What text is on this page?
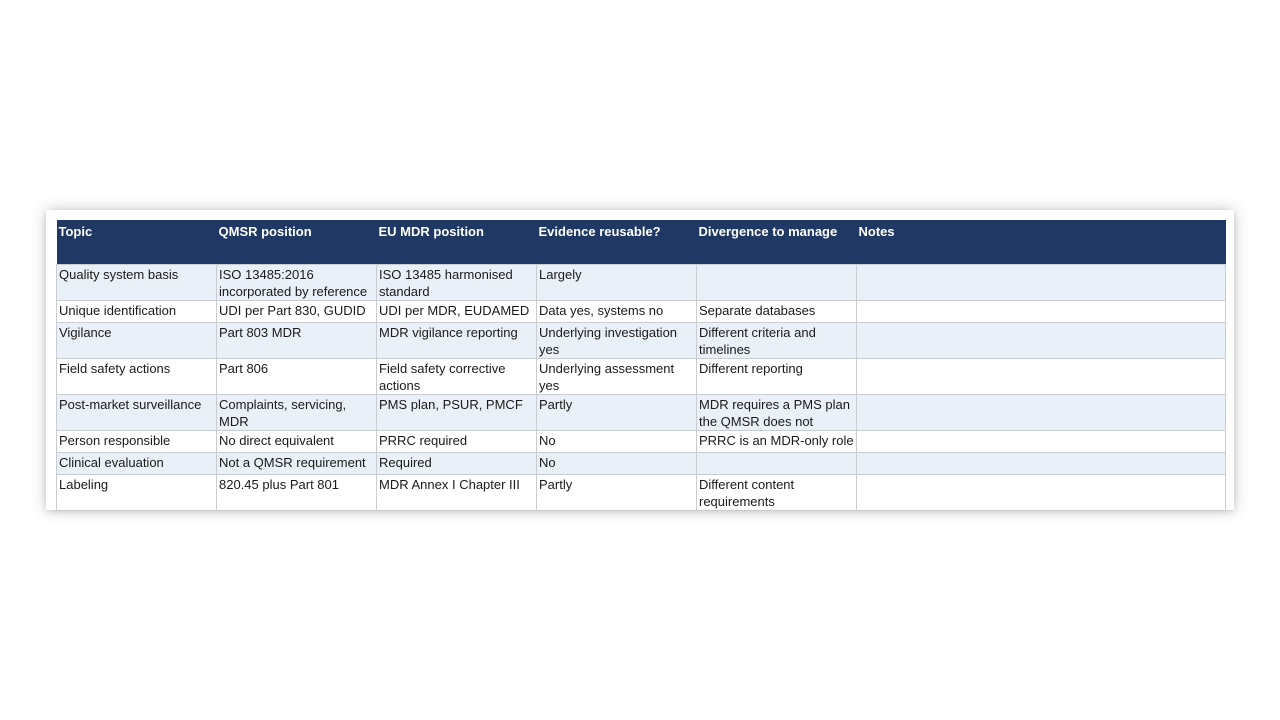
Topic	QMSR position	EU MDR position	Evidence reusable?	Divergence to manage	Notes
Quality system basis	ISO 13485:2016 incorporated by reference	ISO 13485 harmonised standard	Largely		
Unique identification	UDI per Part 830, GUDID	UDI per MDR, EUDAMED	Data yes, systems no	Separate databases	
Vigilance	Part 803 MDR	MDR vigilance reporting	Underlying investigation yes	Different criteria and timelines	
Field safety actions	Part 806	Field safety corrective actions	Underlying assessment yes	Different reporting	
Post-market surveillance	Complaints, servicing, MDR	PMS plan, PSUR, PMCF	Partly	MDR requires a PMS plan the QMSR does not	
Person responsible	No direct equivalent	PRRC required	No	PRRC is an MDR-only role	
Clinical evaluation	Not a QMSR requirement	Required	No		
Labeling	820.45 plus Part 801	MDR Annex I Chapter III	Partly	Different content requirements	
